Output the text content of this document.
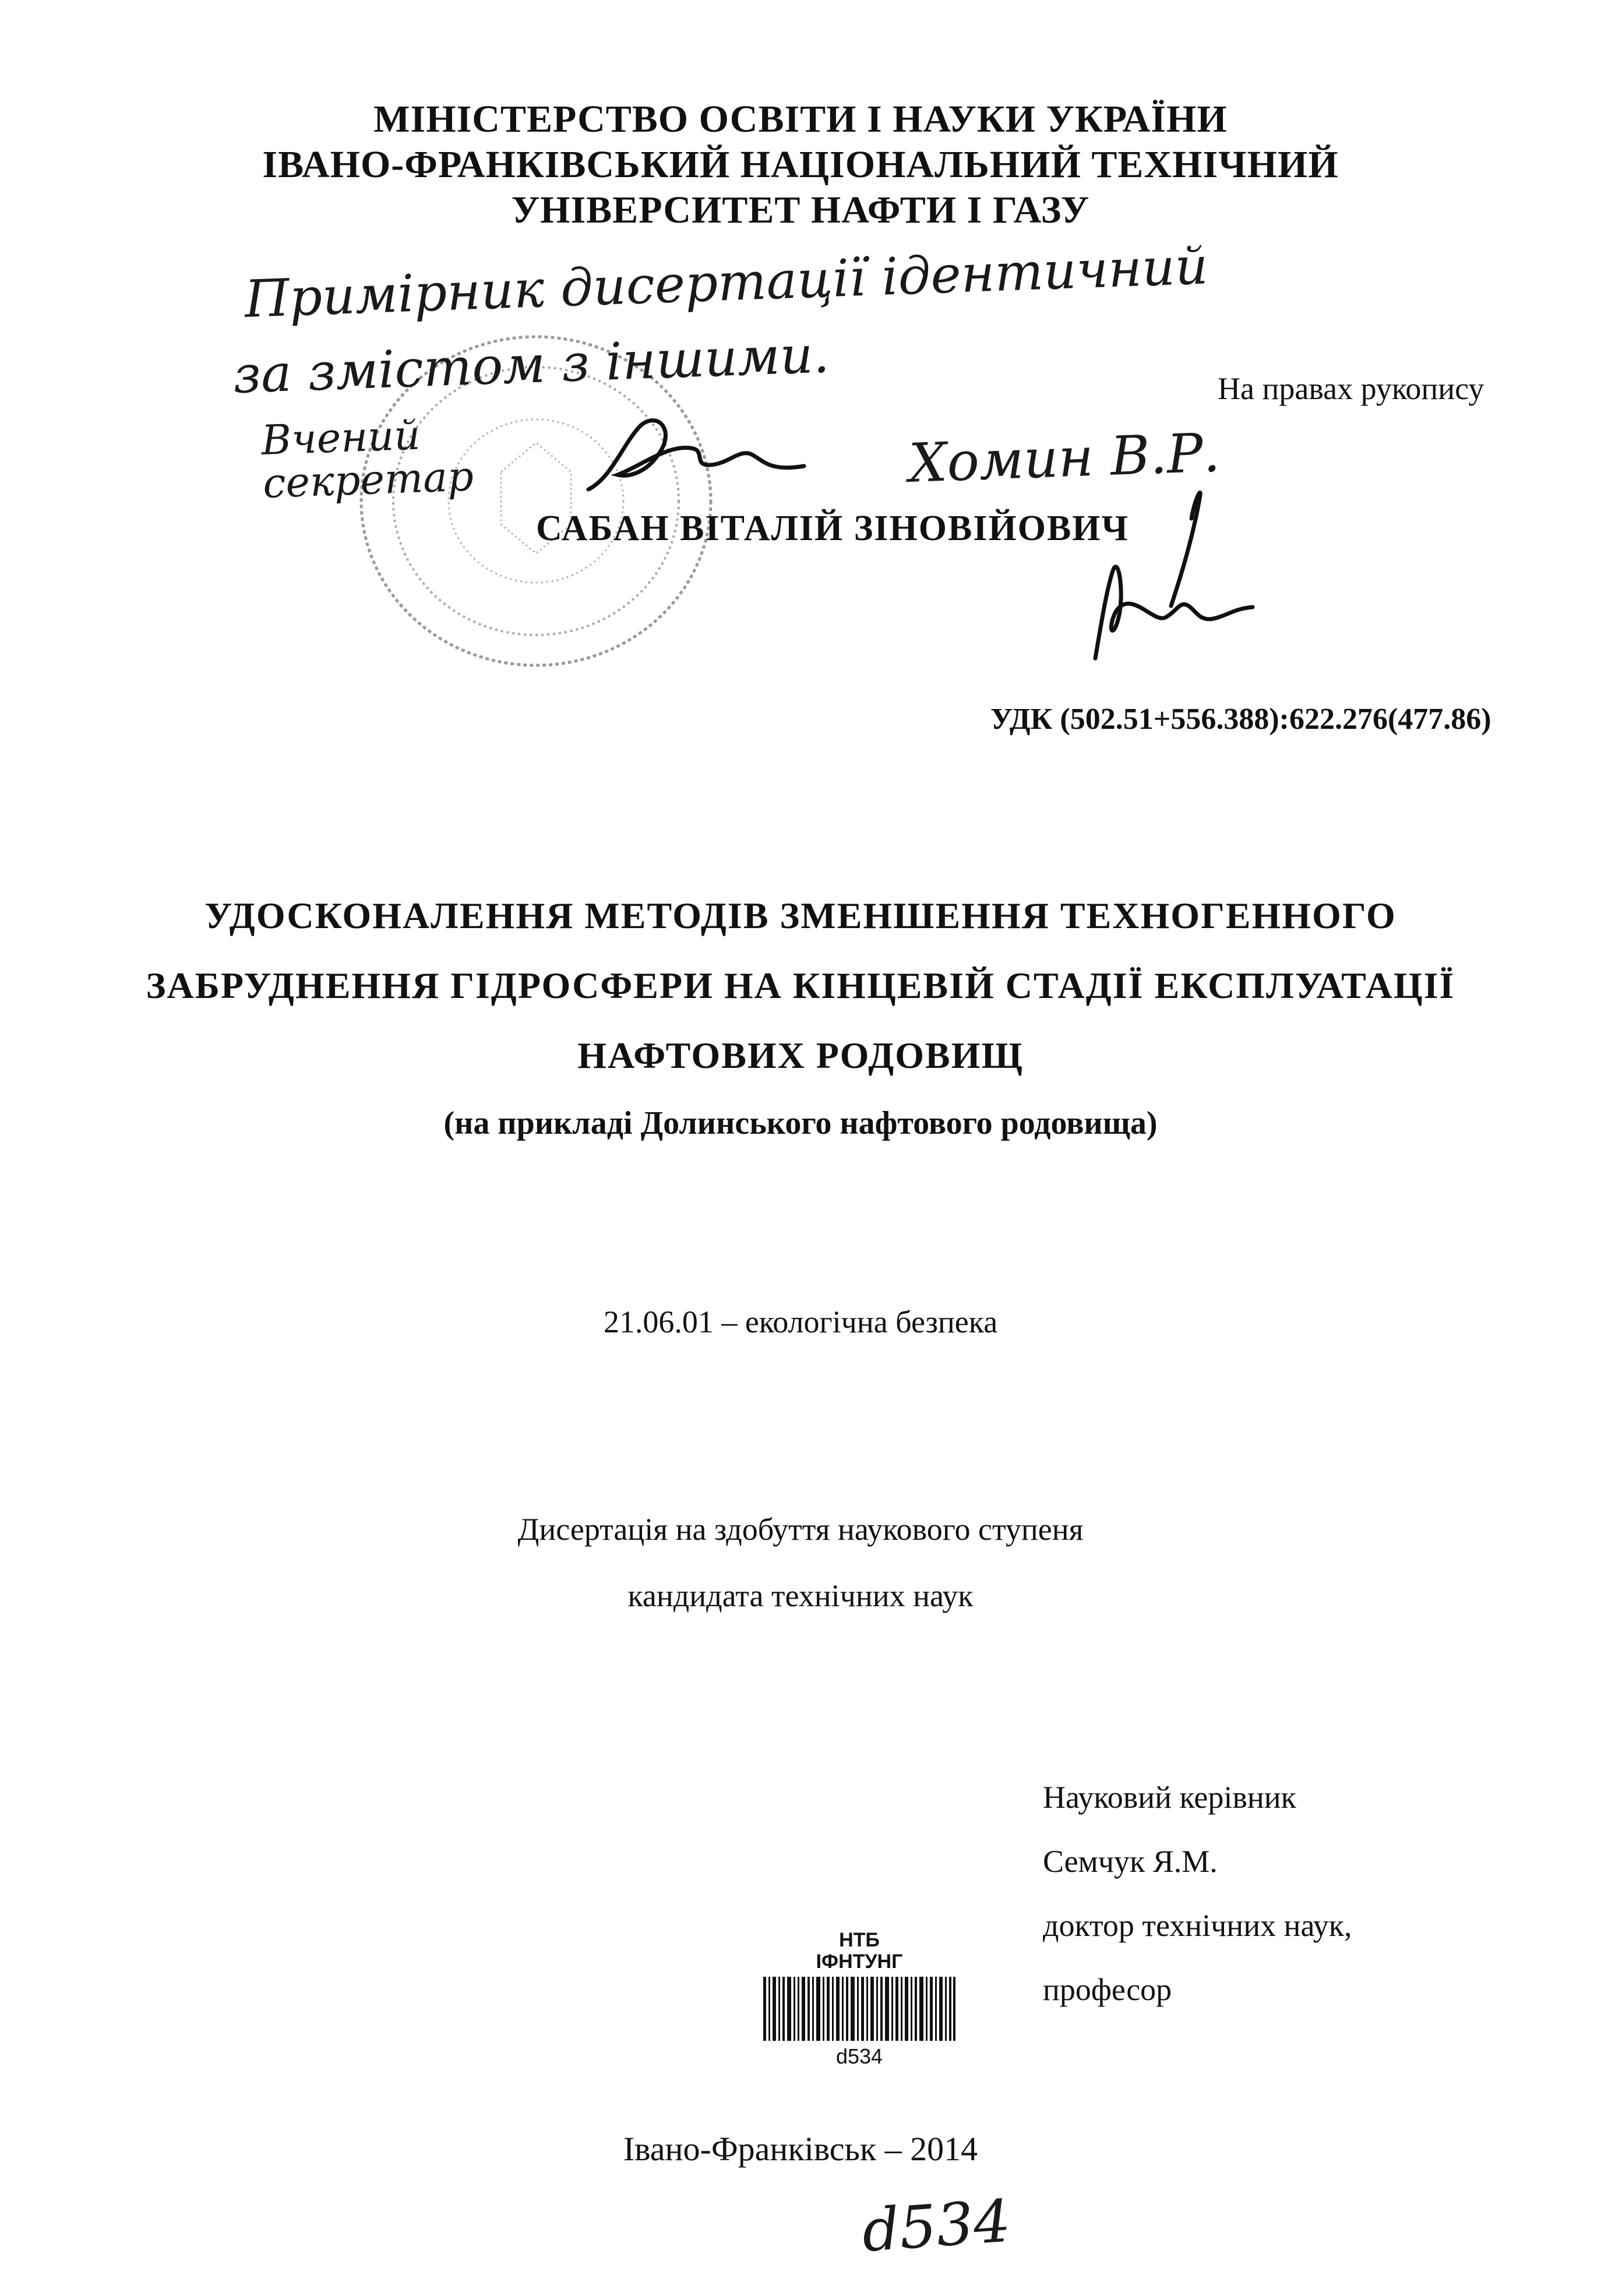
МІНІСТЕРСТВО ОСВІТИ І НАУКИ УКРАЇНИ
ІВАНО-ФРАНКІВСЬКИЙ НАЦІОНАЛЬНИЙ ТЕХНІЧНИЙ
УНІВЕРСИТЕТ НАФТИ І ГАЗУ
Примірник дисертації ідентичний
за змістом з іншими.
Вчений секретар	Хомин В.Р.
На правах рукопису
САБАН ВІТАЛІЙ ЗІНОВІЙОВИЧ
УДК (502.51+556.388):622.276(477.86)
УДОСКОНАЛЕННЯ МЕТОДІВ ЗМЕНШЕННЯ ТЕХНОГЕННОГО
ЗАБРУДНЕННЯ ГІДРОСФЕРИ НА КІНЦЕВІЙ СТАДІЇ ЕКСПЛУАТАЦІЇ
НАФТОВИХ РОДОВИЩ
(на прикладі Долинського нафтового родовища)
21.06.01 – екологічна безпека
Дисертація на здобуття наукового ступеня
кандидата технічних наук
Науковий керівник
Семчук Я.М.
доктор технічних наук,
професор
НТБ
ІФНТУНГ
d534
Івано-Франківськ – 2014
d534
